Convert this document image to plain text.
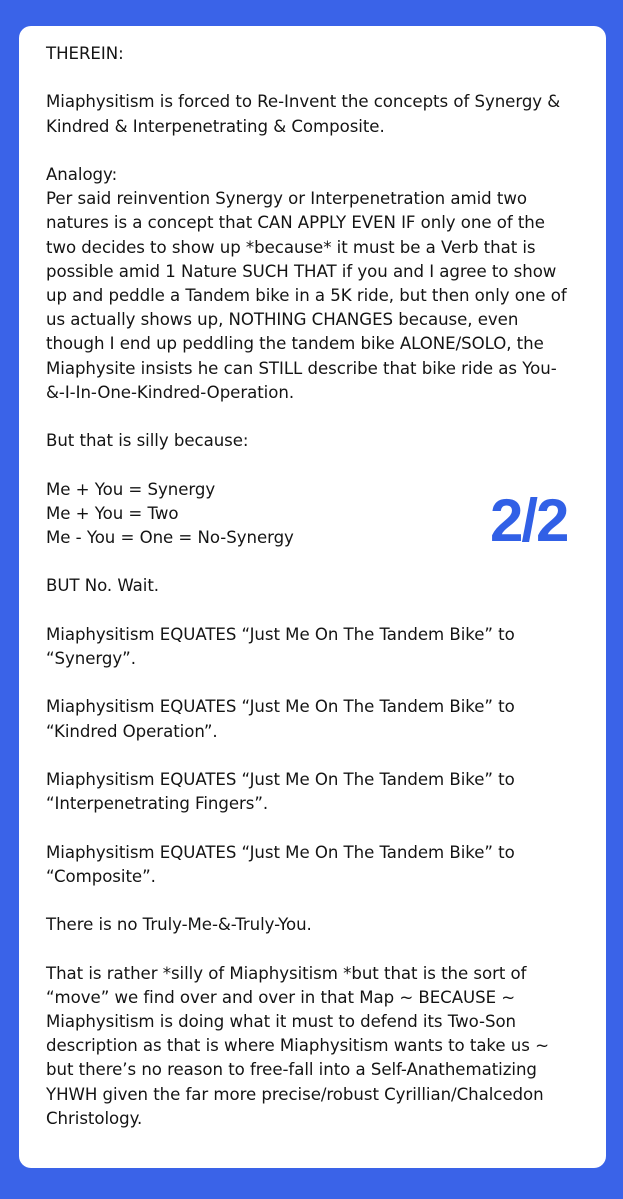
THEREIN:

Miaphysitism is forced to Re-Invent the concepts of Synergy &
Kindred & Interpenetrating & Composite.

Analogy:
Per said reinvention Synergy or Interpenetration amid two
natures is a concept that CAN APPLY EVEN IF only one of the
two decides to show up *because* it must be a Verb that is
possible amid 1 Nature SUCH THAT if you and I agree to show
up and peddle a Tandem bike in a 5K ride, but then only one of
us actually shows up, NOTHING CHANGES because, even
though I end up peddling the tandem bike ALONE/SOLO, the
Miaphysite insists he can STILL describe that bike ride as You-
&-I-In-One-Kindred-Operation.

But that is silly because:

Me + You = Synergy
Me + You = Two
Me - You = One = No-Synergy

BUT No. Wait.

Miaphysitism EQUATES “Just Me On The Tandem Bike” to
“Synergy”.

Miaphysitism EQUATES “Just Me On The Tandem Bike” to
“Kindred Operation”.

Miaphysitism EQUATES “Just Me On The Tandem Bike” to
“Interpenetrating Fingers”.

Miaphysitism EQUATES “Just Me On The Tandem Bike” to
“Composite”.

There is no Truly-Me-&-Truly-You.

That is rather *silly of Miaphysitism *but that is the sort of
“move” we find over and over in that Map ~ BECAUSE ~
Miaphysitism is doing what it must to defend its Two-Son
description as that is where Miaphysitism wants to take us ~
but there’s no reason to free-fall into a Self-Anathematizing
YHWH given the far more precise/robust Cyrillian/Chalcedon
Christology.

2/2
